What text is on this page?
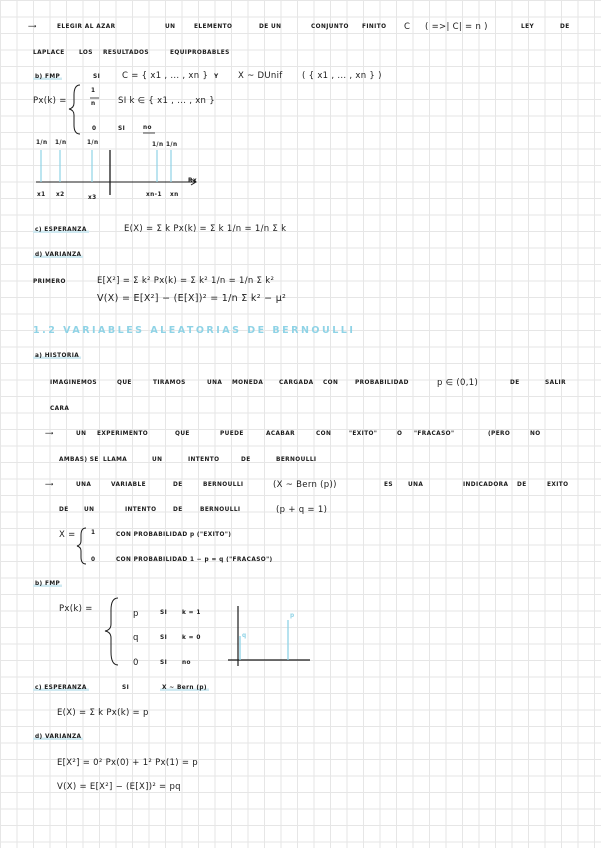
⟶	ELEGIR AL AZAR	UN	ELEMENTO	DE UN	CONJUNTO FINITO C ( =>| C| = n )	LEY	DE
LAPLACE LOS RESULTADOS	EQUIPROBABLES
b) FMP	SI	C = { x1 , ... , xn } Y X ~ DUnif ( { x1 , ... , xn } )
Px(k) =
1
n	SI k ∈ { x1 , ... , xn }
0	SI	no
1/n 1/n	1/n	1/n 1/n
x1 x2	x3	xn-1 xn
Rx
c) ESPERANZA	E(X) = Σ k Px(k) = Σ k 1/n = 1/n Σ k
d) VARIANZA
PRIMERO	E[X²] = Σ k² Px(k) = Σ k² 1/n = 1/n Σ k²
V(X) = E[X²] − (E[X])² = 1/n Σ k² − μ²
1.2 VARIABLES ALEATORIAS DE BERNOULLI
a) HISTORIA
IMAGINEMOS	QUE	TIRAMOS	UNA MONEDA	CARGADA CON	PROBABILIDAD	p ∈ (0,1)	DE	SALIR
CARA
⟶	UN EXPERIMENTO	QUE	PUEDE	ACABAR	CON	"EXITO"	O "FRACASO"	(PERO	NO
AMBAS) SE LLAMA	UN	INTENTO	DE	BERNOULLI
⟶	UNA	VARIABLE	DE	BERNOULLI	(X ~ Bern (p))	ES	UNA	INDICADORA DE	EXITO
DE	UN	INTENTO	DE	BERNOULLI	(p + q = 1)
X =	1	CON PROBABILIDAD p ("EXITO")
0	CON PROBABILIDAD 1 − p = q ("FRACASO")
b) FMP
Px(k) =	p	SI	k = 1
q	SI	k = 0
0	SI	no
q
p
c) ESPERANZA	SI	X ~ Bern (p)
E(X) = Σ k Px(k) = p
d) VARIANZA
E[X²] = 0² Px(0) + 1² Px(1) = p
V(X) = E[X²] − (E[X])² = pq
